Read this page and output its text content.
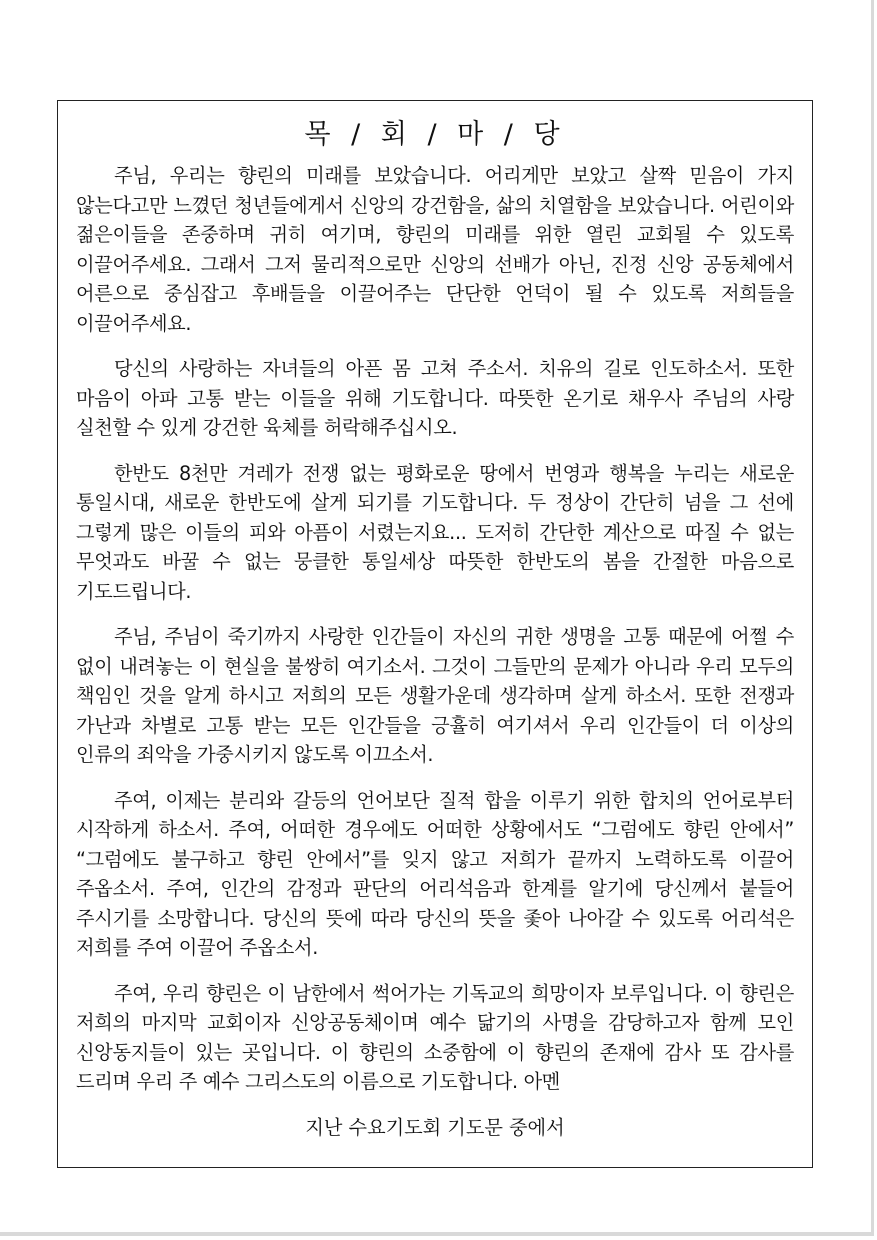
목 / 회 / 마 / 당

주님, 우리는 향린의 미래를 보았습니다. 어리게만 보았고 살짝 믿음이 가지 않는다고만 느꼈던 청년들에게서 신앙의 강건함을, 삶의 치열함을 보았습니다. 어린이와 젊은이들을 존중하며 귀히 여기며, 향린의 미래를 위한 열린 교회될 수 있도록 이끌어주세요. 그래서 그저 물리적으로만 신앙의 선배가 아닌, 진정 신앙 공동체에서 어른으로 중심잡고 후배들을 이끌어주는 단단한 언덕이 될 수 있도록 저희들을 이끌어주세요.

당신의 사랑하는 자녀들의 아픈 몸 고쳐 주소서. 치유의 길로 인도하소서. 또한 마음이 아파 고통 받는 이들을 위해 기도합니다. 따뜻한 온기로 채우사 주님의 사랑 실천할 수 있게 강건한 육체를 허락해주십시오.

한반도 8천만 겨레가 전쟁 없는 평화로운 땅에서 번영과 행복을 누리는 새로운 통일시대, 새로운 한반도에 살게 되기를 기도합니다. 두 정상이 간단히 넘을 그 선에 그렇게 많은 이들의 피와 아픔이 서렸는지요... 도저히 간단한 계산으로 따질 수 없는 무엇과도 바꿀 수 없는 뭉클한 통일세상 따뜻한 한반도의 봄을 간절한 마음으로 기도드립니다.

주님, 주님이 죽기까지 사랑한 인간들이 자신의 귀한 생명을 고통 때문에 어쩔 수 없이 내려놓는 이 현실을 불쌍히 여기소서. 그것이 그들만의 문제가 아니라 우리 모두의 책임인 것을 알게 하시고 저희의 모든 생활가운데 생각하며 살게 하소서. 또한 전쟁과 가난과 차별로 고통 받는 모든 인간들을 긍휼히 여기셔서 우리 인간들이 더 이상의 인류의 죄악을 가중시키지 않도록 이끄소서.

주여, 이제는 분리와 갈등의 언어보단 질적 합을 이루기 위한 합치의 언어로부터 시작하게 하소서. 주여, 어떠한 경우에도 어떠한 상황에서도 “그럼에도 향린 안에서” “그럼에도 불구하고 향린 안에서”를 잊지 않고 저희가 끝까지 노력하도록 이끌어 주옵소서. 주여, 인간의 감정과 판단의 어리석음과 한계를 알기에 당신께서 붙들어 주시기를 소망합니다. 당신의 뜻에 따라 당신의 뜻을 좇아 나아갈 수 있도록 어리석은 저희를 주여 이끌어 주옵소서.

주여, 우리 향린은 이 남한에서 썩어가는 기독교의 희망이자 보루입니다. 이 향린은 저희의 마지막 교회이자 신앙공동체이며 예수 닮기의 사명을 감당하고자 함께 모인 신앙동지들이 있는 곳입니다. 이 향린의 소중함에 이 향린의 존재에 감사 또 감사를 드리며 우리 주 예수 그리스도의 이름으로 기도합니다. 아멘

지난 수요기도회 기도문 중에서
